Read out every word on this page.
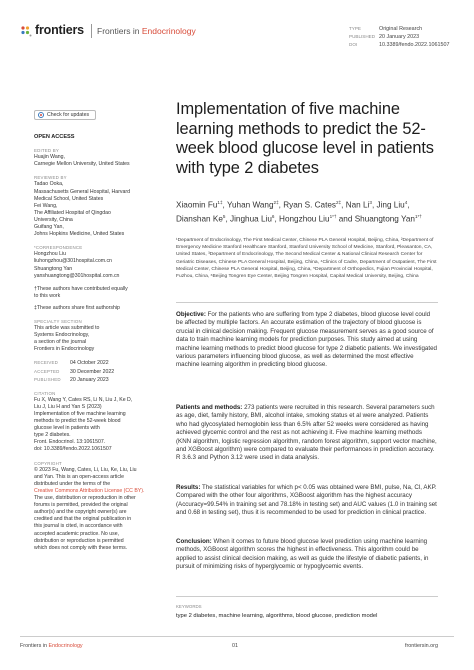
frontiers Frontiers in Endocrinology	TYPE	Original Research
PUBLISHED 20 January 2023
DOI	10.3389/fendo.2022.1061507
Check for updates
OPEN ACCESS
EDITED BY
Huajin Wang,
Carnegie Mellon University, United States
REVIEWED BY
Tadao Ooka,
Massachusetts General Hospital, Harvard
Medical School, United States
Fei Wang,
The Affiliated Hospital of Qingdao
University, China
Guifang Yan,
Johns Hopkins Medicine, United States
*CORRESPONDENCE
Hongzhou Liu
liuhongzhou@301hospital.com.cn
Shuangtong Yan
yanshuangtong@301hospital.com.cn
†These authors have contributed equally
to this work
‡These authors share first authorship
SPECIALTY SECTION
This article was submitted to
Systems Endocrinology,
a section of the journal
Frontiers in Endocrinology
RECEIVED 04 October 2022
ACCEPTED 30 December 2022
PUBLISHED 20 January 2023
CITATION
Fu X, Wang Y, Cates RS, Li N, Liu J, Ke D,
Liu J, Liu H and Yan S (2023)
Implementation of five machine learning
methods to predict the 52-week blood
glucose level in patients with
type 2 diabetes.
Front. Endocrinol. 13:1061507.
doi: 10.3389/fendo.2022.1061507
COPYRIGHT
© 2023 Fu, Wang, Cates, Li, Liu, Ke, Liu, Liu
and Yan. This is an open-access article
distributed under the terms of the
Creative Commons Attribution License (CC BY).
The use, distribution or reproduction in other
forums is permitted, provided the original
author(s) and the copyright owner(s) are
credited and that the original publication in
this journal is cited, in accordance with
accepted academic practice. No use,
distribution or reproduction is permitted
which does not comply with these terms.
Implementation of five machine learning methods to predict the 52-week blood glucose level in patients with type 2 diabetes
Xiaomin $Fu^{1\ddagger}$, Yuhan Wang$^{2\ddagger}$, Ryan S. Cates$^{2\ddagger}$, Nan Li$^3$, Jing Liu$^4$, Dianshan Ke$^5$, Jinghua Liu$^6$, Hongzhou Liu$^{1*\dagger}$ and Shuangtong Yan$^{1*\dagger}$
¹Department of Endocrinology, The First Medical Center, Chinese PLA General Hospital, Beijing, China, ²Department of Emergency Medicine Stanford Healthcare Stanford, Stanford University School of Medicine, Stanford, Pleasanton, CA, United States, ³Department of Endocrinology, The Second Medical Center & National Clinical Research Center for Geriatric Diseases, Chinese PLA General Hospital, Beijing, China, ⁴Clinics of Cadre, Department of Outpatient, The First Medical Center, Chinese PLA General Hospital, Beijing, China, ⁵Department of Orthopedics, Fujian Provincial Hospital, Fuzhou, China, ⁶Beijing Tongren Eye Center, Beijing Tongren Hospital, Capital Medical University, Beijing, China
Objective: For the patients who are suffering from type 2 diabetes, blood glucose level could be affected by multiple factors. An accurate estimation of the trajectory of blood glucose is crucial in clinical decision making. Frequent glucose measurement serves as a good source of data to train machine learning models for prediction purposes. This study aimed at using machine learning methods to predict blood glucose for type 2 diabetic patients. We investigated various parameters influencing blood glucose, as well as determined the most effective machine learning algorithm in predicting blood glucose.
Patients and methods: 273 patients were recruited in this research. Several parameters such as age, diet, family history, BMI, alcohol intake, smoking status et al were analyzed. Patients who had glycosylated hemoglobin less than 6.5% after 52 weeks were considered as having achieved glycemic control and the rest as not achieving it. Five machine learning methods (KNN algorithm, logistic regression algorithm, random forest algorithm, support vector machine, and XGBoost algorithm) were compared to evaluate their performances in prediction accuracy. R 3.6.3 and Python 3.12 were used in data analysis.
Results: The statistical variables for which p< 0.05 was obtained were BMI, pulse, Na, Cl, AKP. Compared with the other four algorithms, XGBoost algorithm has the highest accuracy (Accuracy=99.54% in training set and 78.18% in testing set) and AUC values (1.0 in training set and 0.68 in testing set), thus it is recommended to be used for prediction in clinical practice.
Conclusion: When it comes to future blood glucose level prediction using machine learning methods, XGBoost algorithm scores the highest in effectiveness. This algorithm could be applied to assist clinical decision making, as well as guide the lifestyle of diabetic patients, in pursuit of minimizing risks of hyperglycemic or hypoglycemic events.
KEYWORDS
type 2 diabetes, machine learning, algorithms, blood glucose, prediction model
Frontiers in Endocrinology	01	frontiersin.org
